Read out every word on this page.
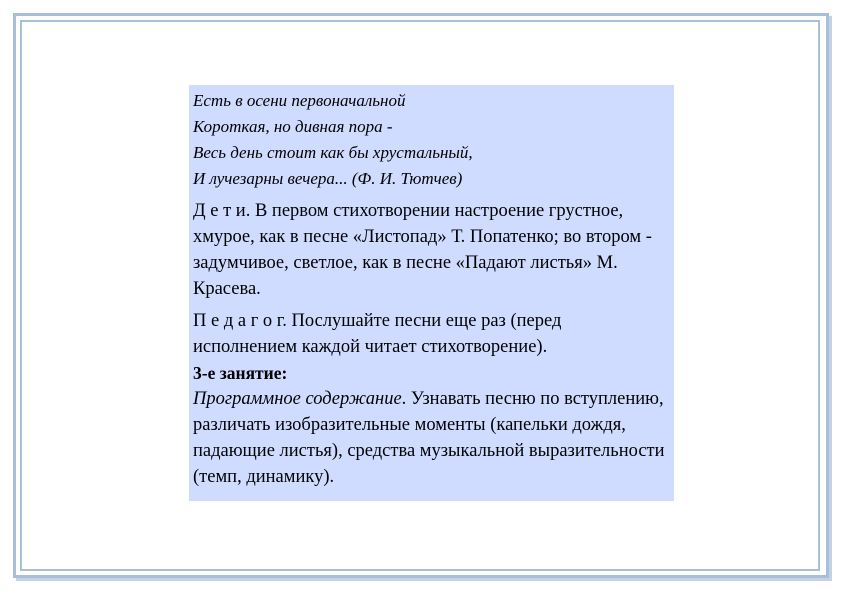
Есть в осени первоначальной

Короткая, но дивная пора -

Весь день стоит как бы хрустальный,

И лучезарны вечера... (Ф. И. Тютчев)

Д е т и. В первом стихотворении настроение грустное, хмурое, как в песне «Листопад» Т. Попатенко; во втором - задумчивое, светлое, как в песне «Падают листья» М. Красева.

П е д а г о г. Послушайте песни еще раз (перед исполнением каждой читает стихотворение).

3-е занятие:

Программное содержание. Узнавать песню по вступлению, различать изобразительные моменты (капельки дождя, падающие листья), средства музыкальной выразительности (темп, динамику).
